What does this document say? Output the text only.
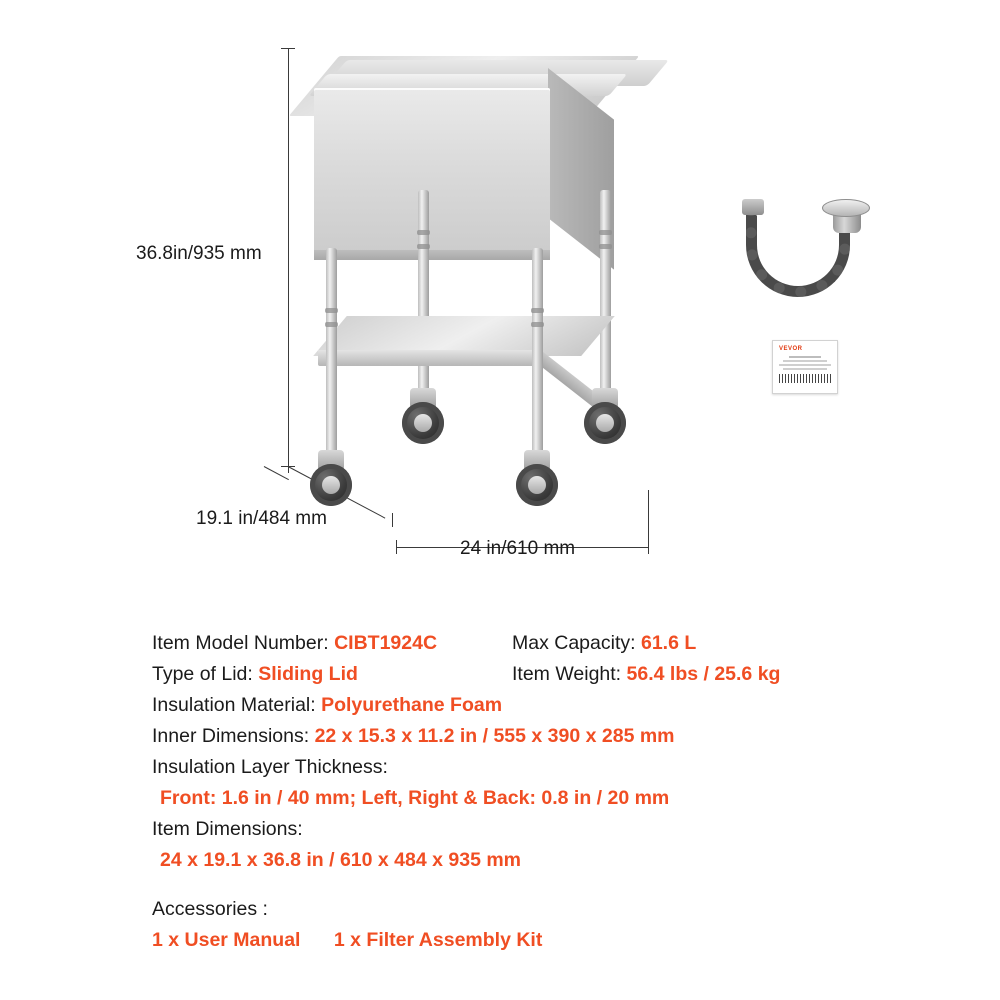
36.8in/935 mm
19.1 in/484 mm
24 in/610 mm
VEVOR
Item Model Number: CIBT1924C	Max Capacity: 61.6 L
Type of Lid: Sliding Lid	Item Weight: 56.4 lbs / 25.6 kg
Insulation Material: Polyurethane Foam
Inner Dimensions: 22 x 15.3 x 11.2 in / 555 x 390 x 285 mm
Insulation Layer Thickness:
Front: 1.6 in / 40 mm; Left, Right & Back: 0.8 in / 20 mm
Item Dimensions:
24 x 19.1 x 36.8 in / 610 x 484 x 935 mm
Accessories :
1 x User Manual 1 x Filter Assembly Kit
